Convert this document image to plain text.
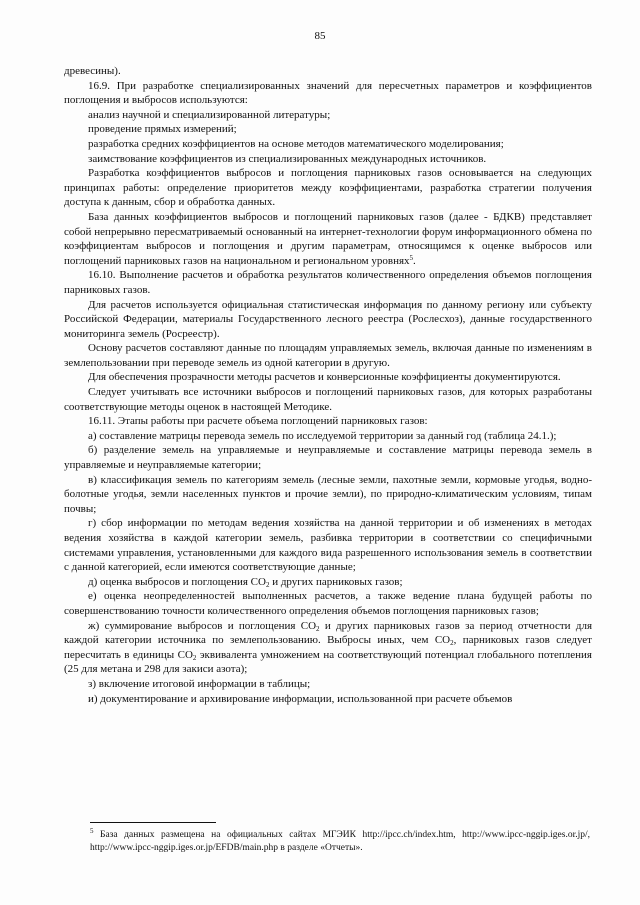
85

древесины).

16.9. При разработке специализированных значений для пересчетных параметров и коэффициентов поглощения и выбросов используются:

анализ научной и специализированной литературы;

проведение прямых измерений;

разработка средних коэффициентов на основе методов математического моделирования;

заимствование коэффициентов из специализированных международных источников.

Разработка коэффициентов выбросов и поглощения парниковых газов основывается на следующих принципах работы: определение приоритетов между коэффициентами, разработка стратегии получения доступа к данным, сбор и обработка данных.

База данных коэффициентов выбросов и поглощений парниковых газов (далее - БДКВ) представляет собой непрерывно пересматриваемый основанный на интернет-технологии форум информационного обмена по коэффициентам выбросов и поглощения и другим параметрам, относящимся к оценке выбросов или поглощений парниковых газов на национальном и региональном уровнях$^5$.

16.10. Выполнение расчетов и обработка результатов количественного определения объемов поглощения парниковых газов.

Для расчетов используется официальная статистическая информация по данному региону или субъекту Российской Федерации, материалы Государственного лесного реестра (Рослесхоз), данные государственного мониторинга земель (Росреестр).

Основу расчетов составляют данные по площадям управляемых земель, включая данные по изменениям в землепользовании при переводе земель из одной категории в другую.

Для обеспечения прозрачности методы расчетов и конверсионные коэффициенты документируются.

Следует учитывать все источники выбросов и поглощений парниковых газов, для которых разработаны соответствующие методы оценок в настоящей Методике.

16.11. Этапы работы при расчете объема поглощений парниковых газов:

а) составление матрицы перевода земель по исследуемой территории за данный год (таблица 24.1.);

б) разделение земель на управляемые и неуправляемые и составление матрицы перевода земель в управляемые и неуправляемые категории;

в) классификация земель по категориям земель (лесные земли, пахотные земли, кормовые угодья, водно-болотные угодья, земли населенных пунктов и прочие земли), по природно-климатическим условиям, типам почвы;

г) сбор информации по методам ведения хозяйства на данной территории и об изменениях в методах ведения хозяйства в каждой категории земель, разбивка территории в соответствии со специфичными системами управления, установленными для каждого вида разрешенного использования земель в соответствии с данной категорией, если имеются соответствующие данные;

д) оценка выбросов и поглощения $CO_2$ и других парниковых газов;

е) оценка неопределенностей выполненных расчетов, а также ведение плана будущей работы по совершенствованию точности количественного определения объемов поглощения парниковых газов;

ж) суммирование выбросов и поглощения $CO_2$ и других парниковых газов за период отчетности для каждой категории источника по землепользованию. Выбросы иных, чем $CO_2$, парниковых газов следует пересчитать в единицы $CO_2$ эквивалента умножением на соответствующий потенциал глобального потепления (25 для метана и 298 для закиси азота);

з) включение итоговой информации в таблицы;

и) документирование и архивирование информации, использованной при расчете объемов

$^5$ База данных размещена на официальных сайтах МГЭИК http://ipcc.ch/index.htm, http://www.ipcc-nggip.iges.or.jp/, http://www.ipcc-nggip.iges.or.jp/EFDB/main.php в разделе «Отчеты».
